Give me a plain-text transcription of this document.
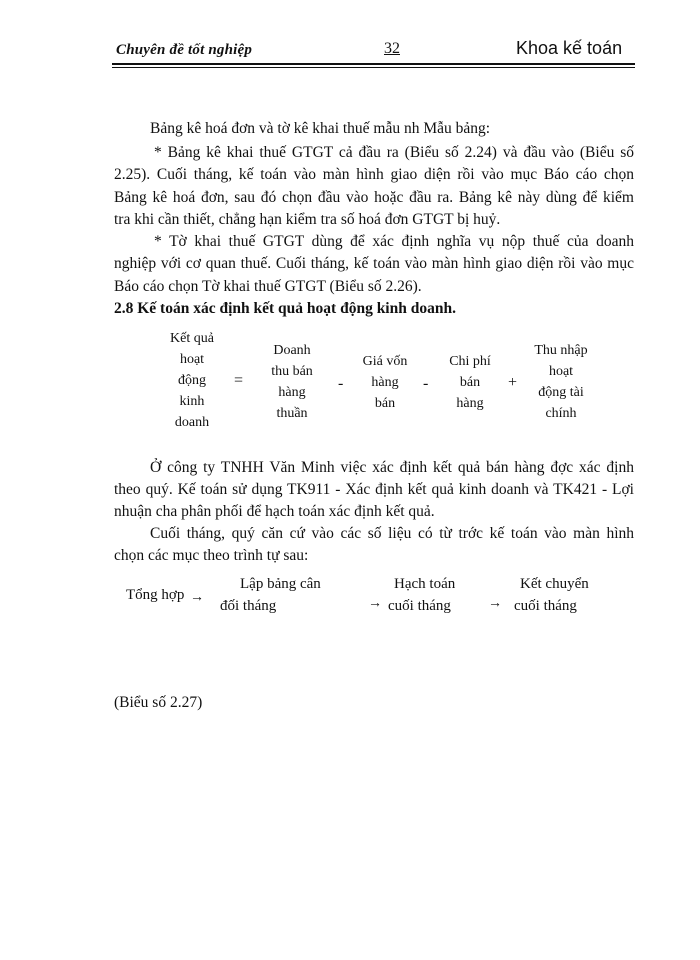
Chuyên đề tốt nghiệp	32	Khoa kế toán
Bảng kê hoá đơn và tờ kê khai thuế mẫu nh Mẫu bảng:
* Bảng kê khai thuế GTGT cả đầu ra (Biểu số 2.24) và đầu vào (Biểu số
2.25). Cuối tháng, kế toán vào màn hình giao diện rồi vào mục Báo cáo chọn
Bảng kê hoá đơn, sau đó chọn đầu vào hoặc đầu ra. Bảng kê này dùng để kiểm
tra khi cần thiết, chẳng hạn kiểm tra số hoá đơn GTGT bị huỷ.
* Tờ khai thuế GTGT dùng để xác định nghĩa vụ nộp thuế của doanh
nghiệp với cơ quan thuế. Cuối tháng, kế toán vào màn hình giao diện rồi vào mục
Báo cáo chọn Tờ khai thuế GTGT (Biểu số 2.26).
2.8 Kế toán xác định kết quả hoạt động kinh doanh.
Kết quả
hoạt
động
kinh
doanh
=
Doanh
thu bán
hàng
thuần
-
Giá vốn
hàng
bán
-
Chi phí
bán
hàng
+
Thu nhập
hoạt
động tài
chính
Ở công ty TNHH Văn Minh việc xác định kết quả bán hàng đợc xác định
theo quý. Kế toán sử dụng TK911 - Xác định kết quả kinh doanh và TK421 - Lợi
nhuận cha phân phối để hạch toán xác định kết quả.
Cuối tháng, quý căn cứ vào các số liệu có từ trớc kế toán vào màn hình
chọn các mục theo trình tự sau:
Tổng hợp →
Lập bảng cân
đối tháng	→
Hạch toán
cuối tháng	→
Kết chuyển
cuối tháng
(Biểu số 2.27)
